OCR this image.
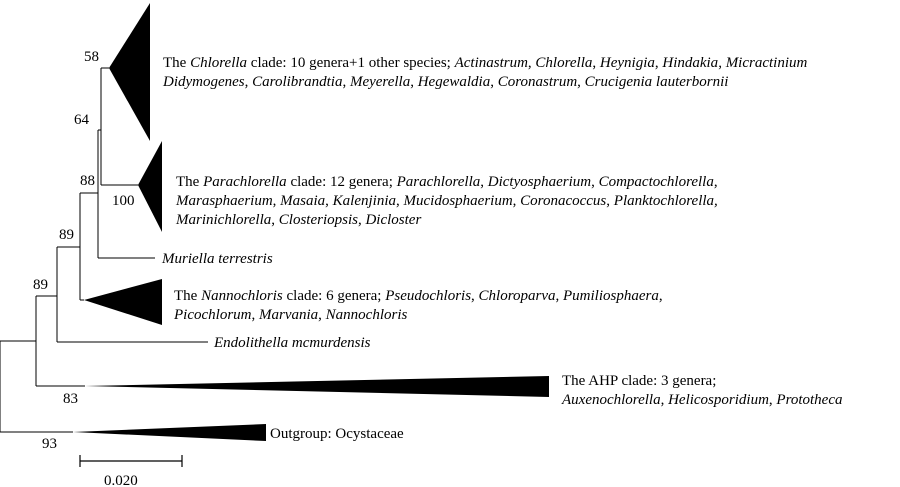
The Chlorella clade: 10 genera+1 other species; Actinastrum, Chlorella, Heynigia, Hindakia, Micractinium
Didymogenes, Carolibrandtia, Meyerella, Hegewaldia, Coronastrum, Crucigenia lauterbornii
The Parachlorella clade: 12 genera; Parachlorella, Dictyosphaerium, Compactochlorella,
Marasphaerium, Masaia, Kalenjinia, Mucidosphaerium, Coronacoccus, Planktochlorella,
Marinichlorella, Closteriopsis, Dicloster
Muriella terrestris
The Nannochloris clade: 6 genera; Pseudochloris, Chloroparva, Pumiliosphaera,
Picochlorum, Marvania, Nannochloris
Endolithella mcmurdensis
The AHP clade: 3 genera;
Auxenochlorella, Helicosporidium, Prototheca
Outgroup: Ocystaceae
58
64
88
100
89
89
83
93
0.020
